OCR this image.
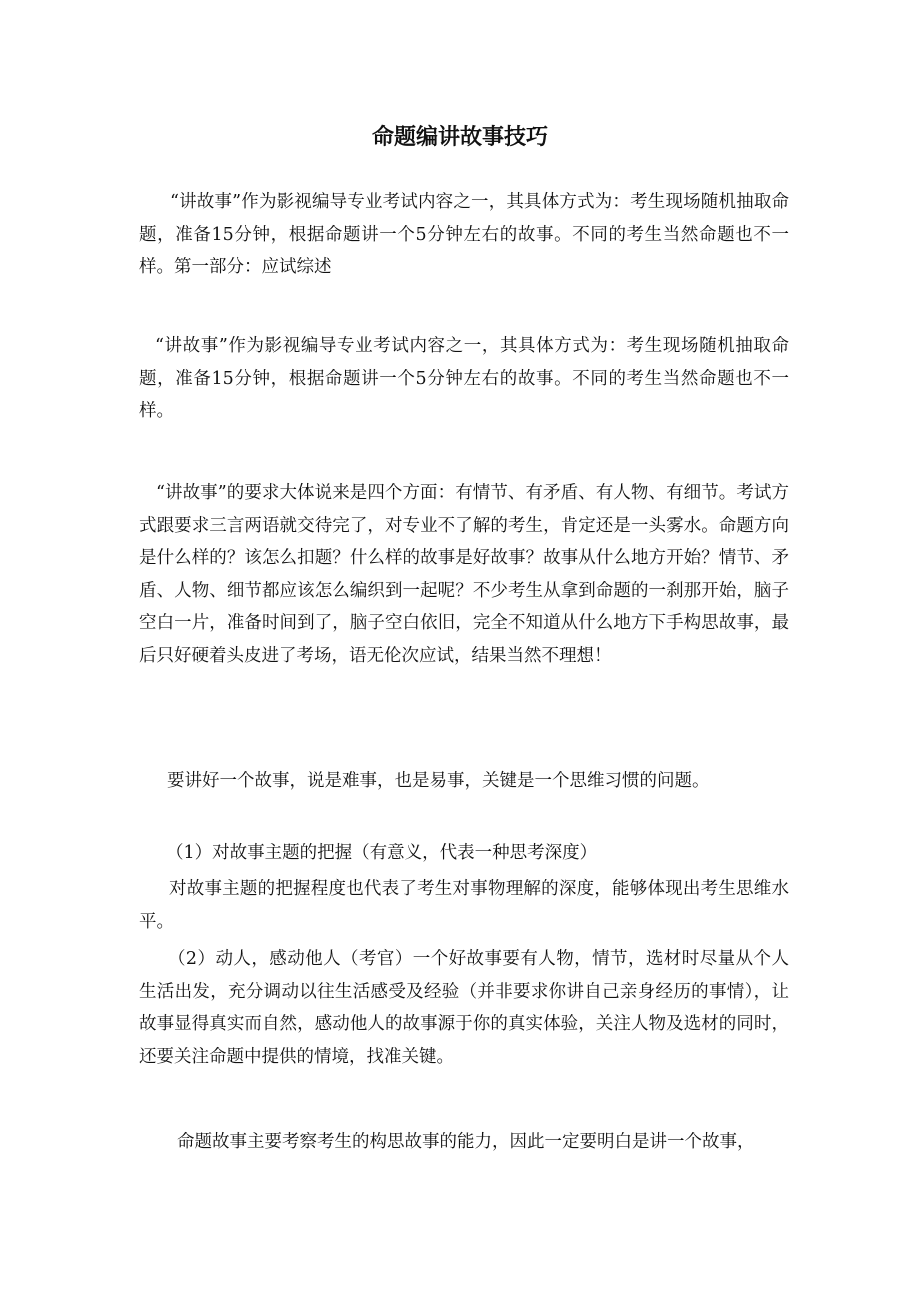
命题编讲故事技巧

“讲故事”作为影视编导专业考试内容之一，其具体方式为：考生现场随机抽取命题，准备15分钟，根据命题讲一个5分钟左右的故事。不同的考生当然命题也不一样。第一部分：应试综述

“讲故事”作为影视编导专业考试内容之一，其具体方式为：考生现场随机抽取命题，准备15分钟，根据命题讲一个5分钟左右的故事。不同的考生当然命题也不一样。

“讲故事”的要求大体说来是四个方面：有情节、有矛盾、有人物、有细节。考试方式跟要求三言两语就交待完了，对专业不了解的考生，肯定还是一头雾水。命题方向是什么样的？该怎么扣题？什么样的故事是好故事？故事从什么地方开始？情节、矛盾、人物、细节都应该怎么编织到一起呢？不少考生从拿到命题的一刹那开始，脑子空白一片，准备时间到了，脑子空白依旧，完全不知道从什么地方下手构思故事，最后只好硬着头皮进了考场，语无伦次应试，结果当然不理想！

要讲好一个故事，说是难事，也是易事，关键是一个思维习惯的问题。

（1）对故事主题的把握（有意义，代表一种思考深度）

对故事主题的把握程度也代表了考生对事物理解的深度，能够体现出考生思维水平。

（2）动人，感动他人（考官）一个好故事要有人物，情节，选材时尽量从个人生活出发，充分调动以往生活感受及经验（并非要求你讲自己亲身经历的事情），让故事显得真实而自然，感动他人的故事源于你的真实体验，关注人物及选材的同时，还要关注命题中提供的情境，找准关键。

命题故事主要考察考生的构思故事的能力，因此一定要明白是讲一个故事，
